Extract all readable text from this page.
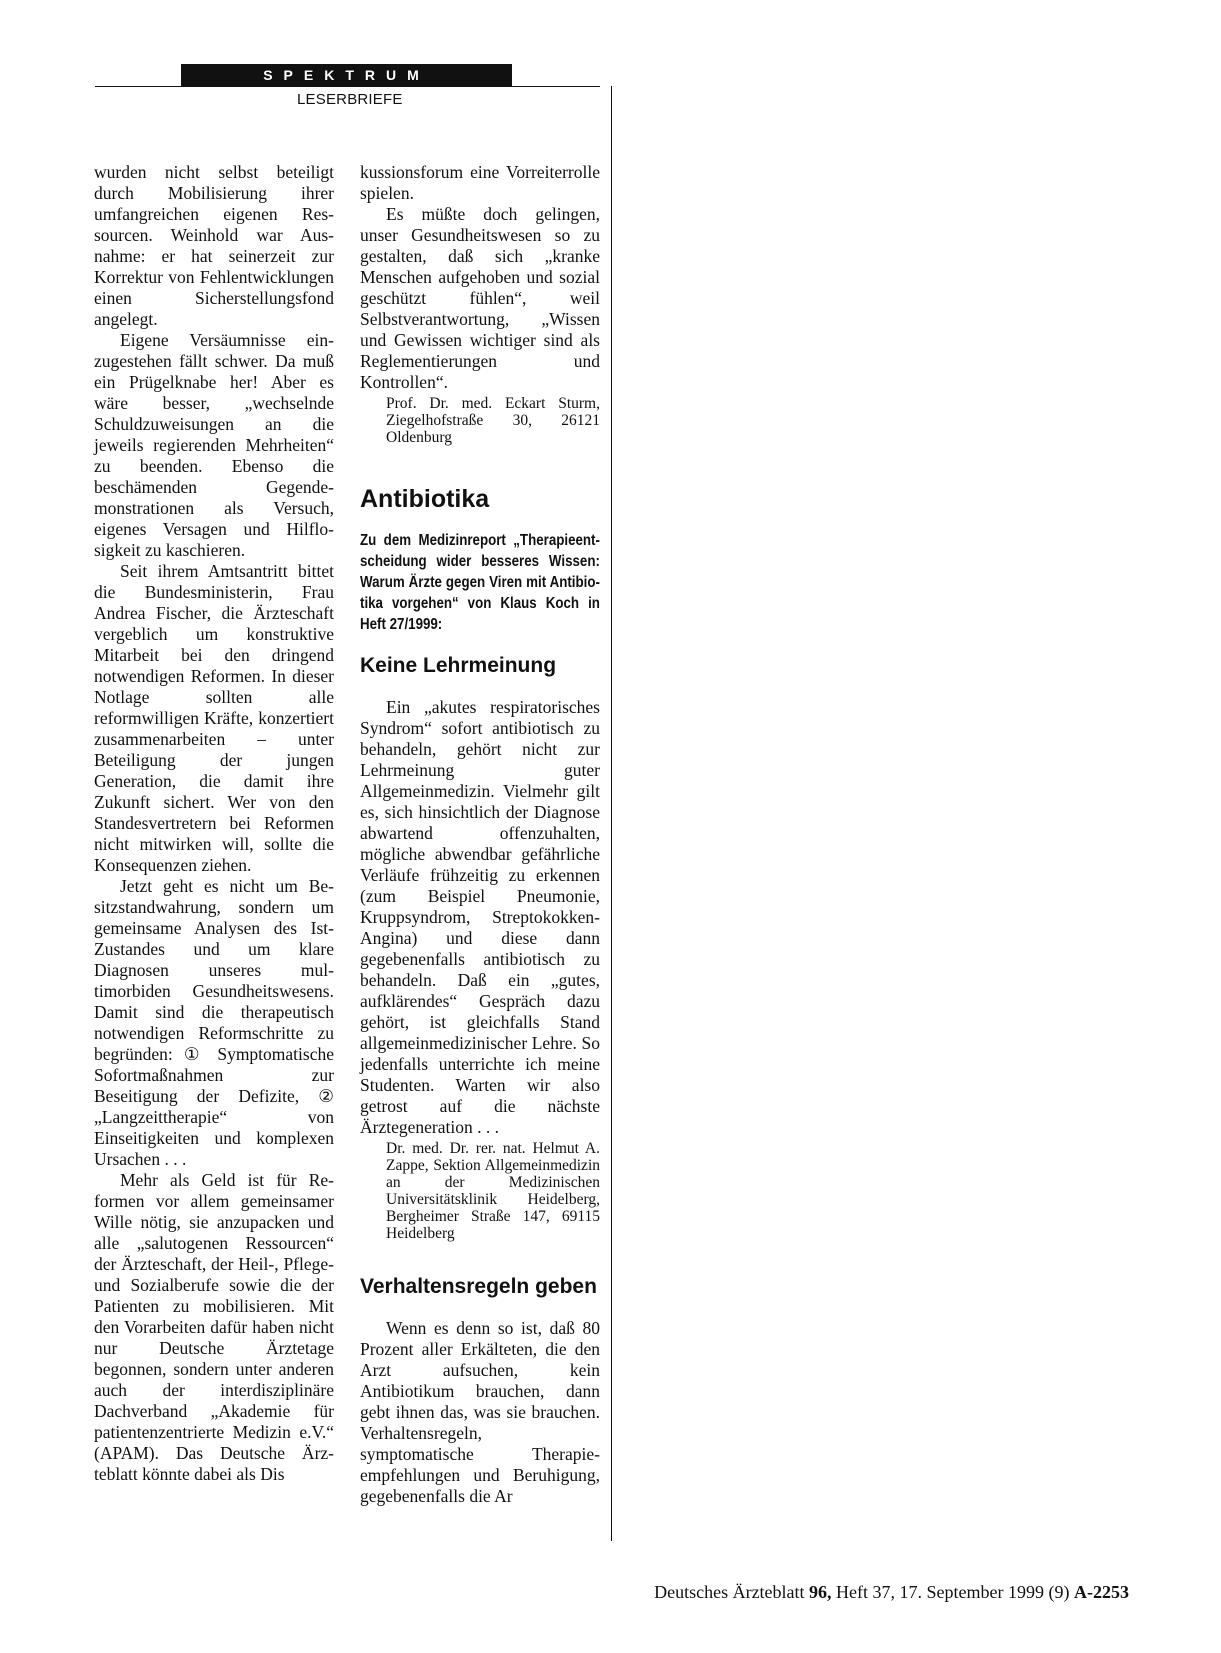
SPEKTRUM
LESERBRIEFE

wurden nicht selbst beteiligt durch Mobilisierung ihrer umfangreichen eigenen Ressourcen. Weinhold war Ausnahme: er hat seinerzeit zur Korrektur von Fehlentwicklungen einen Sicherstellungsfond angelegt.

Eigene Versäumnisse einzugestehen fällt schwer. Da muß ein Prügelknabe her! Aber es wäre besser, „wechselnde Schuldzuweisungen an die jeweils regierenden Mehrheiten“ zu beenden. Ebenso die beschämenden Gegendemonstrationen als Versuch, eigenes Versagen und Hilflosigkeit zu kaschieren.

Seit ihrem Amtsantritt bittet die Bundesministerin, Frau Andrea Fischer, die Ärzteschaft vergeblich um konstruktive Mitarbeit bei den dringend notwendigen Reformen. In dieser Notlage sollten alle reformwilligen Kräfte, konzertiert zusammenarbeiten – unter Beteiligung der jungen Generation, die damit ihre Zukunft sichert. Wer von den Standesvertretern bei Reformen nicht mitwirken will, sollte die Konsequenzen ziehen.

Jetzt geht es nicht um Besitzstandwahrung, sondern um gemeinsame Analysen des Ist-Zustandes und um klare Diagnosen unseres multimorbiden Gesundheitswesens. Damit sind die therapeutisch notwendigen Reformschritte zu begründen: ① Symptomatische Sofortmaßnahmen zur Beseitigung der Defizite, ② „Langzeittherapie“ von Einseitigkeiten und komplexen Ursachen . . .

Mehr als Geld ist für Reformen vor allem gemeinsamer Wille nötig, sie anzupacken und alle „salutogenen Ressourcen“ der Ärzteschaft, der Heil-, Pflege- und Sozialberufe sowie die der Patienten zu mobilisieren. Mit den Vorarbeiten dafür haben nicht nur Deutsche Ärztetage begonnen, sondern unter anderen auch der interdisziplinäre Dachverband „Akademie für patientenzentrierte Medizin e.V.“ (APAM). Das Deutsche Ärzteblatt könnte dabei als Dis

kussionsforum eine Vorreiterrolle spielen.

Es müßte doch gelingen, unser Gesundheitswesen so zu gestalten, daß sich „kranke Menschen aufgehoben und sozial geschützt fühlen“, weil Selbstverantwortung, „Wissen und Gewissen wichtiger sind als Reglementierungen und Kontrollen“.

Prof. Dr. med. Eckart Sturm, Ziegelhofstraße 30, 26121 Oldenburg

Antibiotika
Zu dem Medizinreport „Therapieentscheidung wider besseres Wissen: Warum Ärzte gegen Viren mit Antibiotika vorgehen“ von Klaus Koch in Heft 27/1999:
Keine Lehrmeinung

Ein „akutes respiratorisches Syndrom“ sofort antibiotisch zu behandeln, gehört nicht zur Lehrmeinung guter Allgemeinmedizin. Vielmehr gilt es, sich hinsichtlich der Diagnose abwartend offenzuhalten, mögliche abwendbar gefährliche Verläufe frühzeitig zu erkennen (zum Beispiel Pneumonie, Kruppsyndrom, Streptokokken-Angina) und diese dann gegebenenfalls antibiotisch zu behandeln. Daß ein „gutes, aufklärendes“ Gespräch dazu gehört, ist gleichfalls Stand allgemeinmedizinischer Lehre. So jedenfalls unterrichte ich meine Studenten. Warten wir also getrost auf die nächste Ärztegeneration . . .

Dr. med. Dr. rer. nat. Helmut A. Zappe, Sektion Allgemeinmedizin an der Medizinischen Universitätsklinik Heidelberg, Bergheimer Straße 147, 69115 Heidelberg

Verhaltensregeln geben

Wenn es denn so ist, daß 80 Prozent aller Erkälteten, die den Arzt aufsuchen, kein Antibiotikum brauchen, dann gebt ihnen das, was sie brauchen. Verhaltensregeln, symptomatische Therapieempfehlungen und Beruhigung, gegebenenfalls die Ar

Deutsches Ärzteblatt 96, Heft 37, 17. September 1999 (9) A-2253
